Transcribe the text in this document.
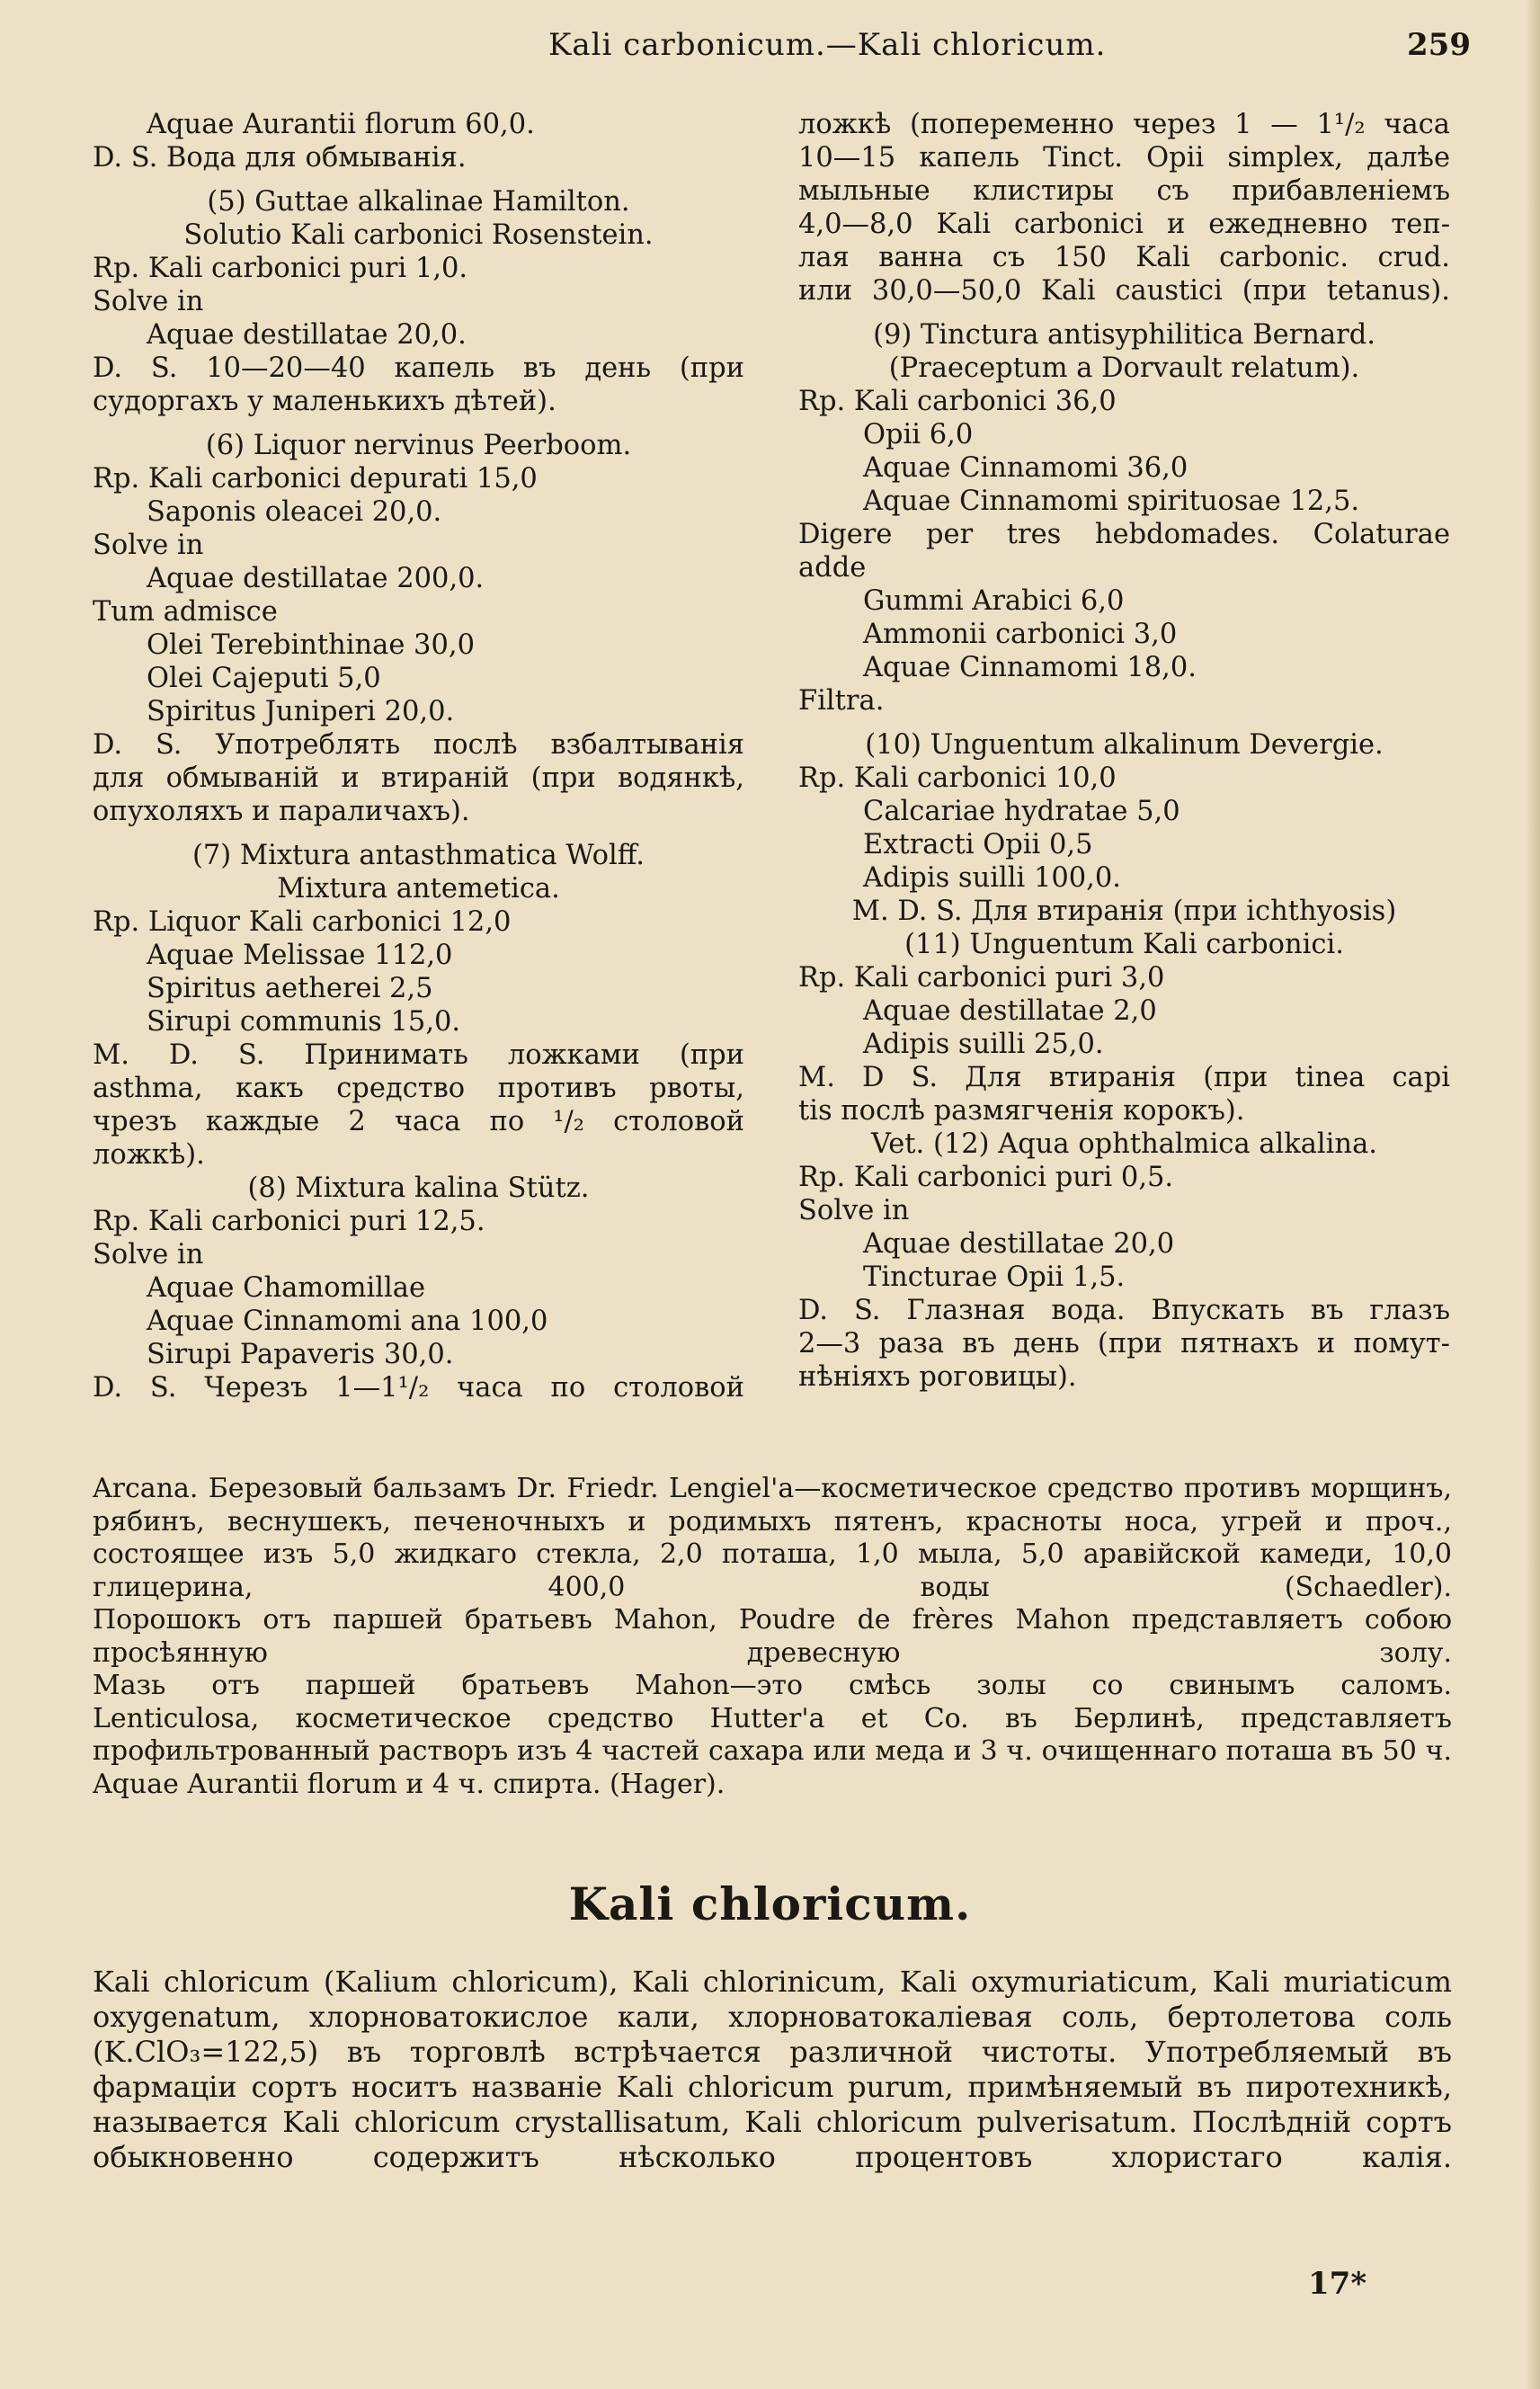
Kali carbonicum.—Kali chloricum.	259
Aquae Aurantii florum 60,0.
D. S. Вода для обмыванія.
(5) Guttae alkalinae Hamilton.
Solutio Kali carbonici Rosenstein.
Rp. Kali carbonici puri 1,0.
Solve in
Aquae destillatae 20,0.
D. S. 10—20—40 капель въ день (при
судоргахъ у маленькихъ дѣтей).
(6) Liquor nervinus Peerboom.
Rp. Kali carbonici depurati 15,0
Saponis oleacei 20,0.
Solve in
Aquae destillatae 200,0.
Tum admisce
Olei Terebinthinae 30,0
Olei Cajeputi 5,0
Spiritus Juniperi 20,0.
D. S. Употреблять послѣ взбалтыванія
для обмываній и втираній (при водянкѣ,
опухоляхъ и параличахъ).
(7) Mixtura antasthmatica Wolff.
Mixtura antemetica.
Rp. Liquor Kali carbonici 12,0
Aquae Melissae 112,0
Spiritus aetherei 2,5
Sirupi communis 15,0.
M. D. S. Принимать ложками (при
asthma, какъ средство противъ рвоты,
чрезъ каждые 2 часа по ¹/₂ столовой ложкѣ).
(8) Mixtura kalina Stütz.
Rp. Kali carbonici puri 12,5.
Solve in
Aquae Chamomillae
Aquae Cinnamomi ana 100,0
Sirupi Papaveris 30,0.
D. S. Черезъ 1—1¹/₂ часа по столовой
ложкѣ (попеременно через 1 — 1¹/₂ часа
10—15 капель Tinct. Opii simplex, далѣе
мыльные клистиры съ прибавленіемъ
4,0—8,0 Kali carbonici и ежедневно теп-
лая ванна съ 150 Kali carbonic. crud.
или 30,0—50,0 Kali caustici (при tetanus).
(9) Tinctura antisyphilitica Bernard.
(Praeceptum a Dorvault relatum).
Rp. Kali carbonici 36,0
Opii 6,0
Aquae Cinnamomi 36,0
Aquae Cinnamomi spirituosae 12,5.
Digere per tres hebdomades. Colaturae
adde
Gummi Arabici 6,0
Ammonii carbonici 3,0
Aquae Cinnamomi 18,0.
Filtra.
(10) Unguentum alkalinum Devergie.
Rp. Kali carbonici 10,0
Calcariae hydratae 5,0
Extracti Opii 0,5
Adipis suilli 100,0.
M. D. S. Для втиранія (при ichthyosis)
(11) Unguentum Kali carbonici.
Rp. Kali carbonici puri 3,0
Aquae destillatae 2,0
Adipis suilli 25,0.
M. D S. Для втиранія (при tinea capi
tis послѣ размягченія корокъ).
Vet. (12) Aqua ophthalmica alkalina.
Rp. Kali carbonici puri 0,5.
Solve in
Aquae destillatae 20,0
Tincturae Opii 1,5.
D. S. Глазная вода. Впускать въ глазъ
2—3 раза въ день (при пятнахъ и помут-
нѣніяхъ роговицы).

Arcana. Березовый бальзамъ Dr. Friedr. Lengiel'a—косметическое средство противъ морщинъ, рябинъ, веснушекъ, печеночныхъ и родимыхъ пятенъ, красноты носа, угрей и проч., состоящее изъ 5,0 жидкаго стекла, 2,0 поташа, 1,0 мыла, 5,0 аравійской камеди, 10,0 глицерина, 400,0 воды (Schaedler).

Порошокъ отъ паршей братьевъ Mahon, Poudre de frères Mahon представляетъ собою просѣянную древесную золу.

Мазь отъ паршей братьевъ Mahon—это смѣсь золы со свинымъ саломъ.

Lenticulosa, косметическое средство Hutter'a et Co. въ Берлинѣ, представляетъ профильтрованный растворъ изъ 4 частей сахара или меда и 3 ч. очищеннаго поташа въ 50 ч. Aquae Aurantii florum и 4 ч. спирта. (Hager).

Kali chloricum.

Kali chloricum (Kalium chloricum), Kali chlorinicum, Kali oxymuriaticum, Kali muriaticum oxygenatum, хлорноватокислое кали, хлорноватокаліевая соль, бертолетова соль (K.ClO₃=122,5) въ торговлѣ встрѣчается различной чистоты. Употребляемый въ фармаціи сортъ носитъ названіе Kali chloricum purum, примѣняемый въ пиротехникѣ, называется Kali chloricum crystallisatum, Kali chloricum pulverisatum. Послѣдній сортъ обыкновенно содержитъ нѣсколько процентовъ хлористаго калія.

17*
